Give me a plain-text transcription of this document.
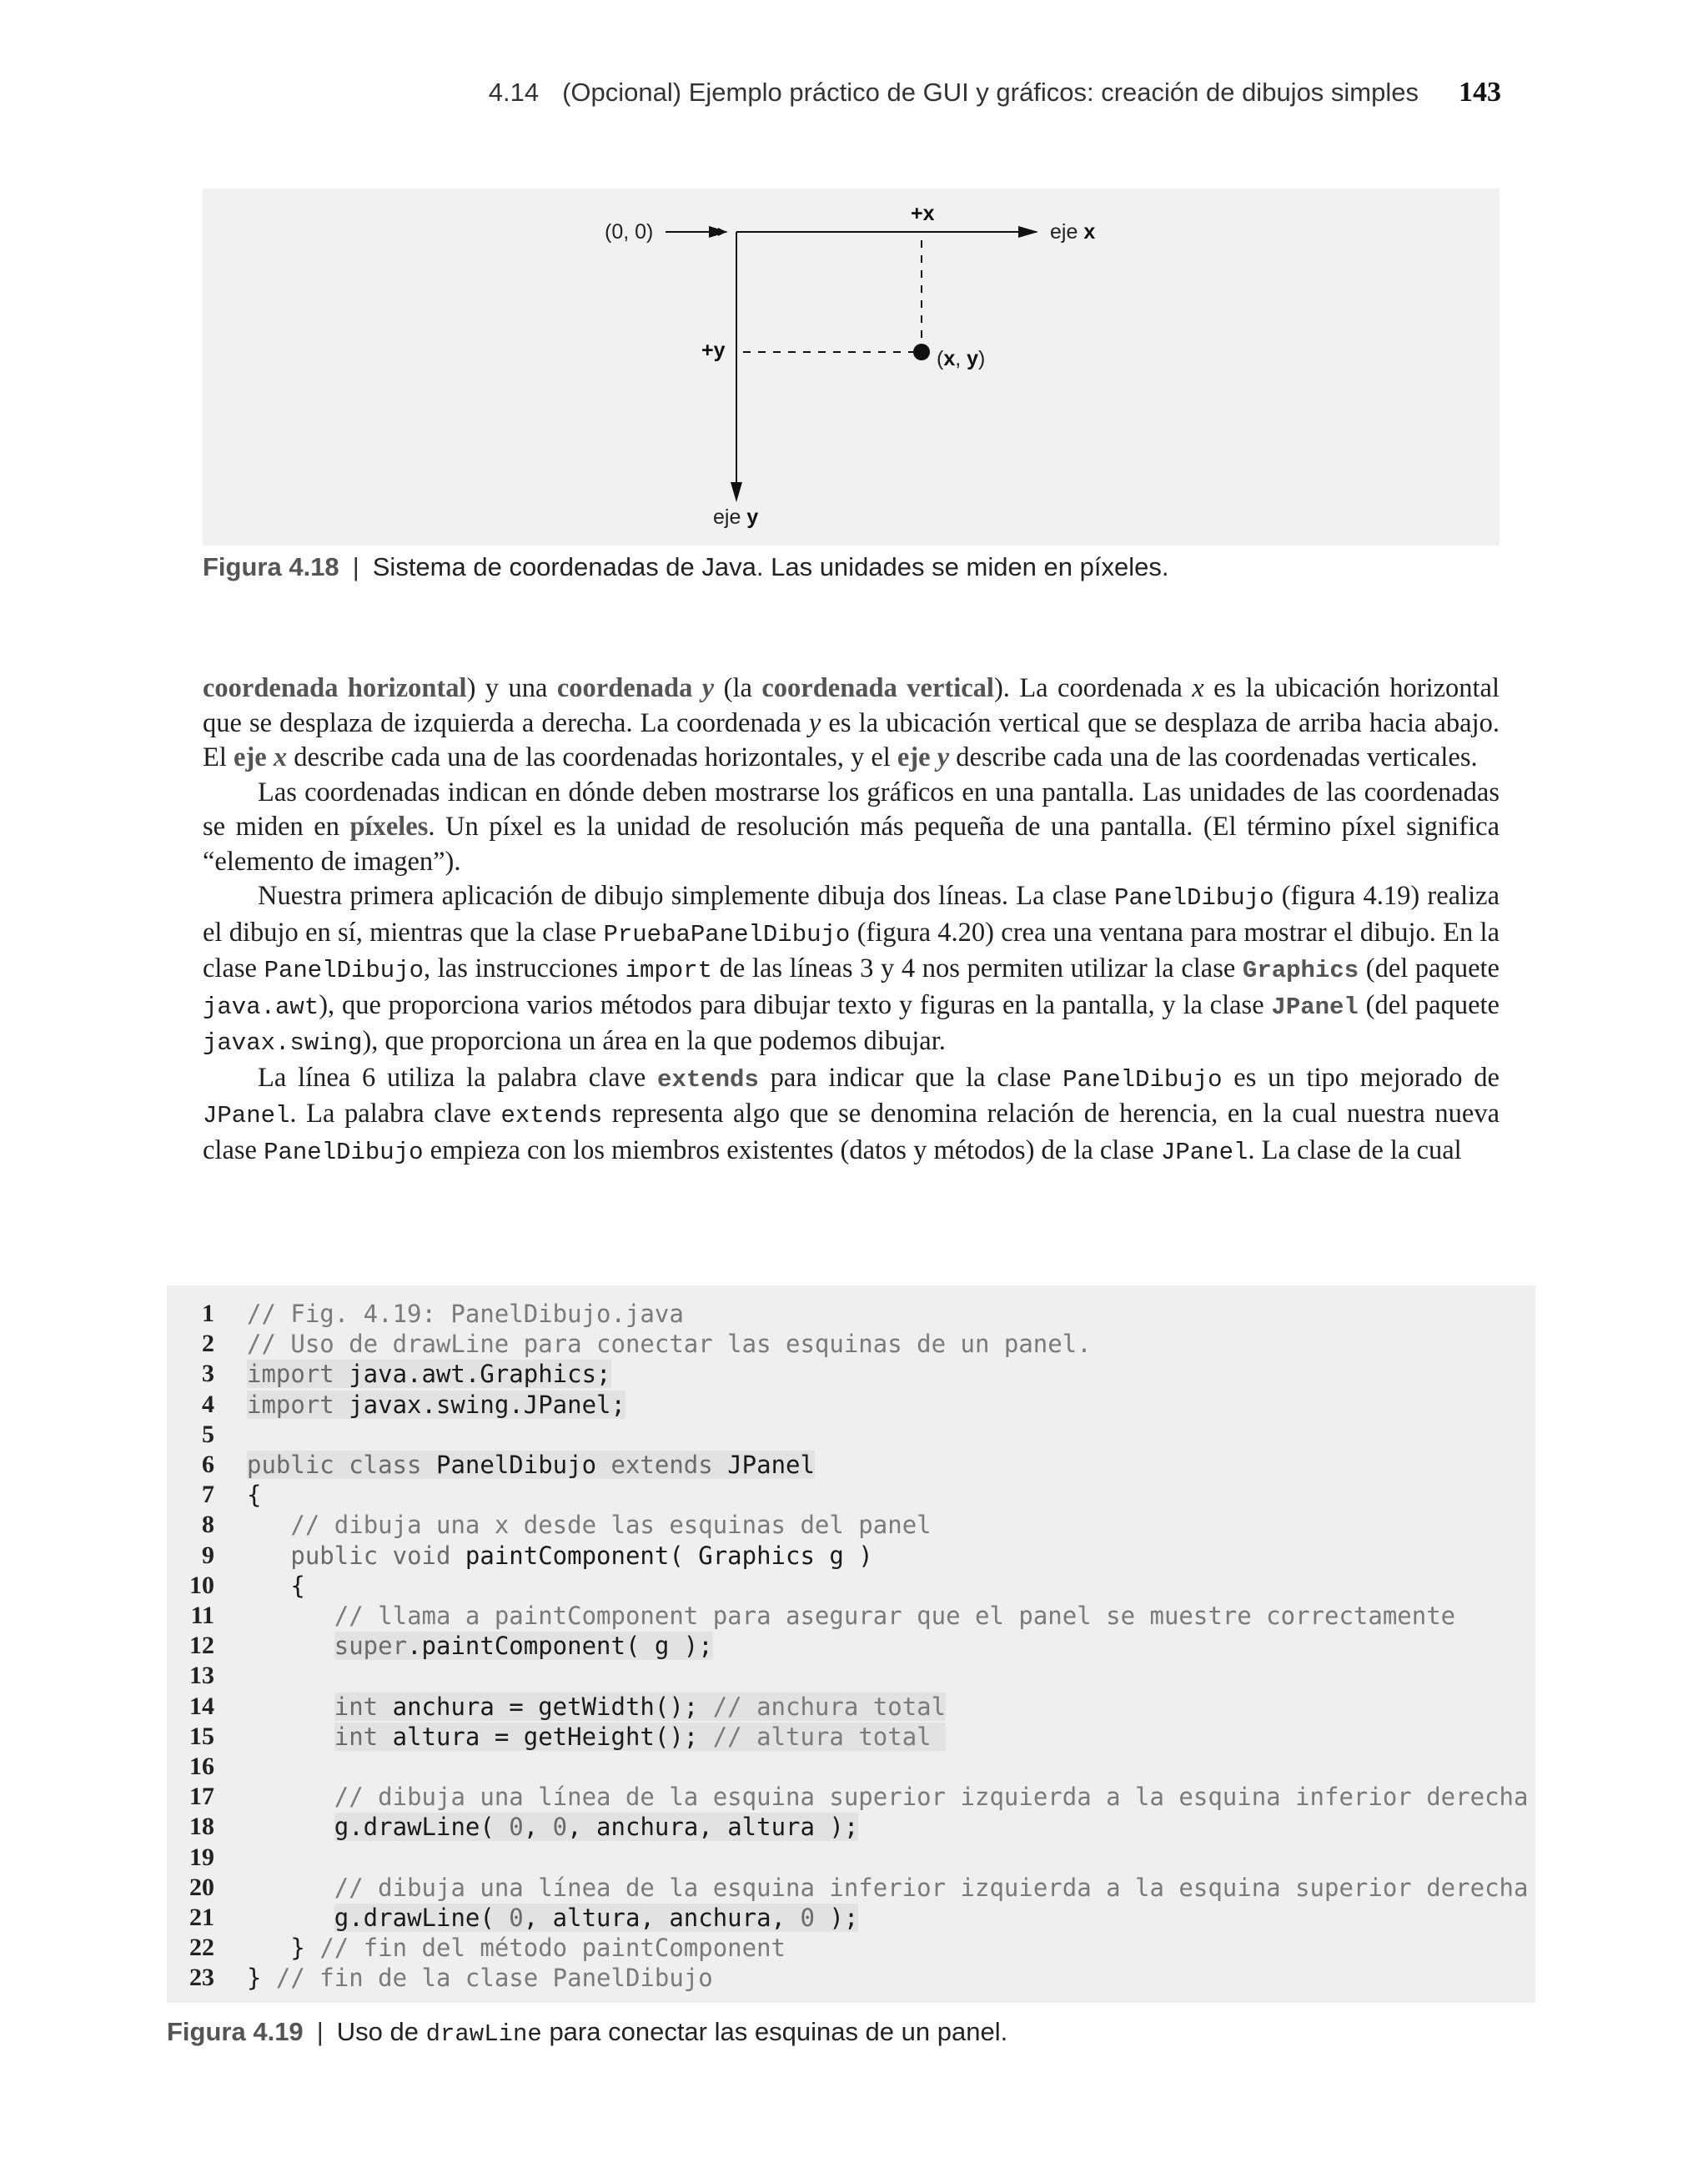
4.14 (Opcional) Ejemplo práctico de GUI y gráficos: creación de dibujos simples 143
(0, 0)
+x
eje x
+y	(x, y)
eje y
Figura 4.18 | Sistema de coordenadas de Java. Las unidades se miden en píxeles.

coordenada horizontal) y una coordenada y (la coordenada vertical). La coordenada x es la ubicación horizontal que se desplaza de izquierda a derecha. La coordenada y es la ubicación vertical que se desplaza de arriba hacia abajo. El eje x describe cada una de las coordenadas horizontales, y el eje y describe cada una de las coordenadas verticales.

Las coordenadas indican en dónde deben mostrarse los gráficos en una pantalla. Las unidades de las coordenadas se miden en píxeles. Un píxel es la unidad de resolución más pequeña de una pantalla. (El término píxel significa “elemento de imagen”).

Nuestra primera aplicación de dibujo simplemente dibuja dos líneas. La clase PanelDibujo (figura 4.19) realiza el dibujo en sí, mientras que la clase PruebaPanelDibujo (figura 4.20) crea una ventana para mostrar el dibujo. En la clase PanelDibujo, las instrucciones import de las líneas 3 y 4 nos permiten utilizar la clase Graphics (del paquete java.awt), que proporciona varios métodos para dibujar texto y figuras en la pantalla, y la clase JPanel (del paquete javax.swing), que proporciona un área en la que podemos dibujar.

La línea 6 utiliza la palabra clave extends para indicar que la clase PanelDibujo es un tipo mejorado de JPanel. La palabra clave extends representa algo que se denomina relación de herencia, en la cual nuestra nueva clase PanelDibujo empieza con los miembros existentes (datos y métodos) de la clase JPanel. La clase de la cual

1 // Fig. 4.19: PanelDibujo.java
2 // Uso de drawLine para conectar las esquinas de un panel.
3 import java.awt.Graphics;
4 import javax.swing.JPanel;
5
6 public class PanelDibujo extends JPanel
7 {
8	// dibuja una x desde las esquinas del panel
9	public void paintComponent( Graphics g )
10 {
11	// llama a paintComponent para asegurar que el panel se muestre correctamente
12	super.paintComponent( g );
13
14	int anchura = getWidth(); // anchura total
15	int altura = getHeight(); // altura total
16
17	// dibuja una línea de la esquina superior izquierda a la esquina inferior derecha
18	g.drawLine( 0, 0, anchura, altura );
19
20	// dibuja una línea de la esquina inferior izquierda a la esquina superior derecha
21	g.drawLine( 0, altura, anchura, 0 );
22 } // fin del método paintComponent
23 } // fin de la clase PanelDibujo
Figura 4.19 | Uso de drawLine para conectar las esquinas de un panel.
